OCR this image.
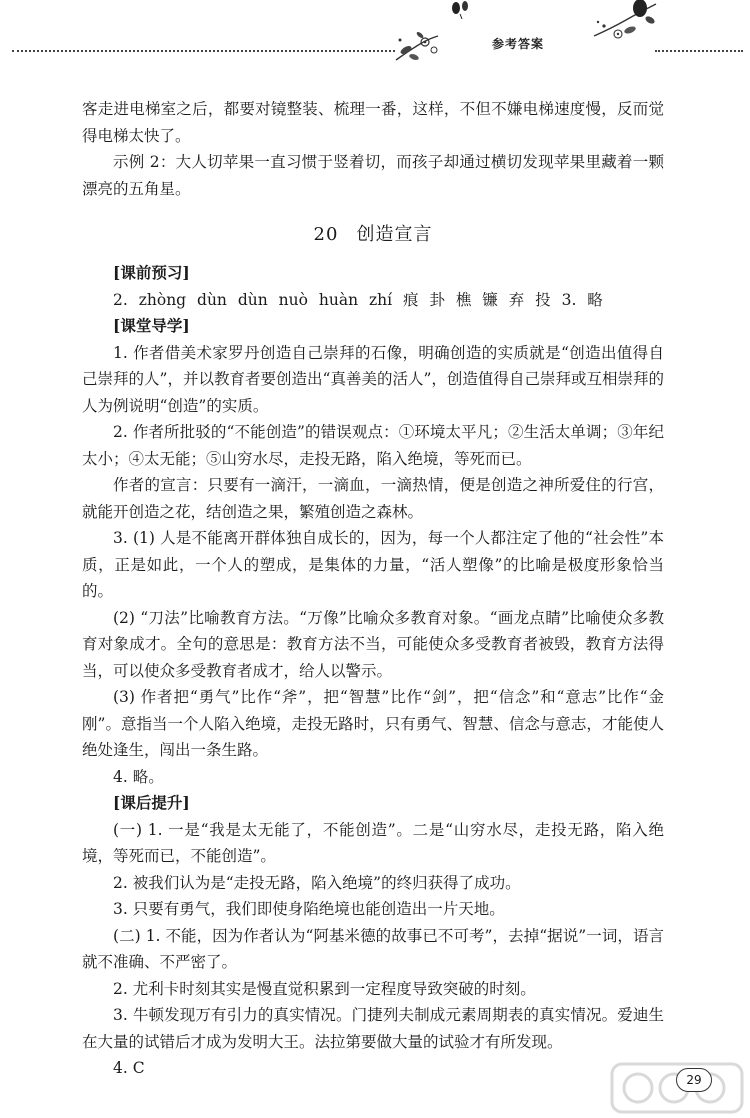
参考答案

客走进电梯室之后，都要对镜整装、梳理一番，这样，不但不嫌电梯速度慢，反而觉得电梯太快了。

示例 2：大人切苹果一直习惯于竖着切，而孩子却通过横切发现苹果里藏着一颗漂亮的五角星。

20 创造宣言

[课前预习]

2. zhòng dùn dùn nuò huàn zhí 痕 卦 樵 镰 弃 投 3. 略

[课堂导学]

1. 作者借美术家罗丹创造自己崇拜的石像，明确创造的实质就是“创造出值得自己崇拜的人”，并以教育者要创造出“真善美的活人”，创造值得自己崇拜或互相崇拜的人为例说明“创造”的实质。

2. 作者所批驳的“不能创造”的错误观点：①环境太平凡；②生活太单调；③年纪太小；④太无能；⑤山穷水尽，走投无路，陷入绝境，等死而已。

作者的宣言：只要有一滴汗，一滴血，一滴热情，便是创造之神所爱住的行宫，就能开创造之花，结创造之果，繁殖创造之森林。

3. (1) 人是不能离开群体独自成长的，因为，每一个人都注定了他的“社会性”本质，正是如此，一个人的塑成，是集体的力量，“活人塑像”的比喻是极度形象恰当的。

(2) “刀法”比喻教育方法。“万像”比喻众多教育对象。“画龙点睛”比喻使众多教育对象成才。全句的意思是：教育方法不当，可能使众多受教育者被毁，教育方法得当，可以使众多受教育者成才，给人以警示。

(3) 作者把“勇气”比作“斧”，把“智慧”比作“剑”，把“信念”和“意志”比作“金刚”。意指当一个人陷入绝境，走投无路时，只有勇气、智慧、信念与意志，才能使人绝处逢生，闯出一条生路。

4. 略。

[课后提升]

(一) 1. 一是“我是太无能了，不能创造”。二是“山穷水尽，走投无路，陷入绝境，等死而已，不能创造”。

2. 被我们认为是“走投无路，陷入绝境”的终归获得了成功。

3. 只要有勇气，我们即使身陷绝境也能创造出一片天地。

(二) 1. 不能，因为作者认为“阿基米德的故事已不可考”，去掉“据说”一词，语言就不准确、不严密了。

2. 尤利卡时刻其实是慢直觉积累到一定程度导致突破的时刻。

3. 牛顿发现万有引力的真实情况。门捷列夫制成元素周期表的真实情况。爱迪生在大量的试错后才成为发明大王。法拉第要做大量的试验才有所发现。

4. C

29
